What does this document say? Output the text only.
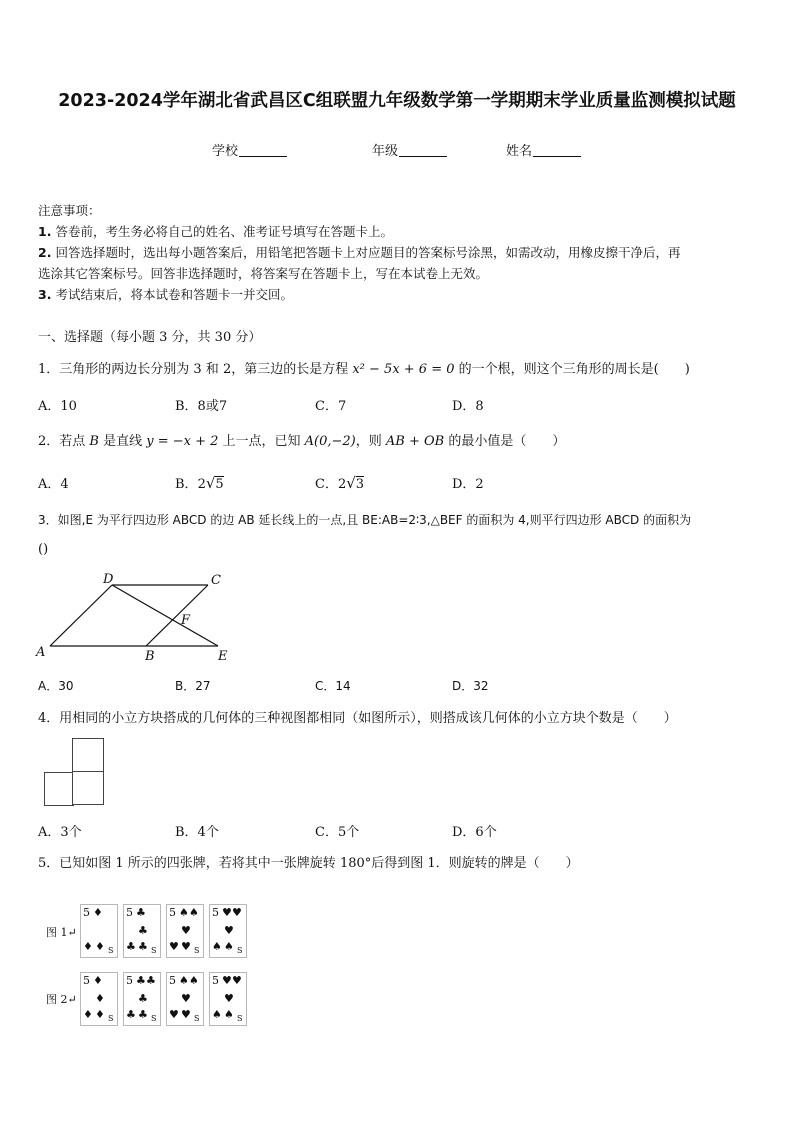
2023-2024学年湖北省武昌区C组联盟九年级数学第一学期期末学业质量监测模拟试题
学校	年级	姓名
注意事项：
1. 答卷前，考生务必将自己的姓名、准考证号填写在答题卡上。
2. 回答选择题时，选出每小题答案后，用铅笔把答题卡上对应题目的答案标号涂黑，如需改动，用橡皮擦干净后，再
选涂其它答案标号。回答非选择题时，将答案写在答题卡上，写在本试卷上无效。
3. 考试结束后，将本试卷和答题卡一并交回。
一、选择题（每小题 3 分，共 30 分）
1．三角形的两边长分别为 3 和 2，第三边的长是方程 x² − 5x + 6 = 0 的一个根，则这个三角形的周长是(　　)
A．10	B．8或7	C．7	D．8
2．若点 B 是直线 y = −x + 2 上一点，已知 A(0,−2)，则 AB + OB 的最小值是（　　）
A．4	B．2√5	C．2√3	D．2
3．如图,E 为平行四边形 ABCD 的边 AB 延长线上的一点,且 BE:AB=2∶3,△BEF 的面积为 4,则平行四边形 ABCD 的面积为
()
A	B
C
D
E
F
A．30	B．27	C．14	D．32
4．用相同的小立方块搭成的几何体的三种视图都相同（如图所示），则搭成该几何体的小立方块个数是（　　）
A．3个	B．4个	C．5个	D．6个
5．已知如图 1 所示的四张牌，若将其中一张牌旋转 180°后得到图 1．则旋转的牌是（　　）
图 1↵
图 2↵
5 ♦
♦ ♦ S
5 ♣
♣
♣ ♣ S
5 ♠ ♠
♥
♥ ♥ S
5 ♥ ♥
♥
♠ ♠ S
5 ♦
♦
♦ ♦ S
5 ♣ ♣
♣
♣ ♣ S
5 ♠ ♠
♥
♥ ♥ S
5 ♥ ♥
♥
♠ ♠ S
